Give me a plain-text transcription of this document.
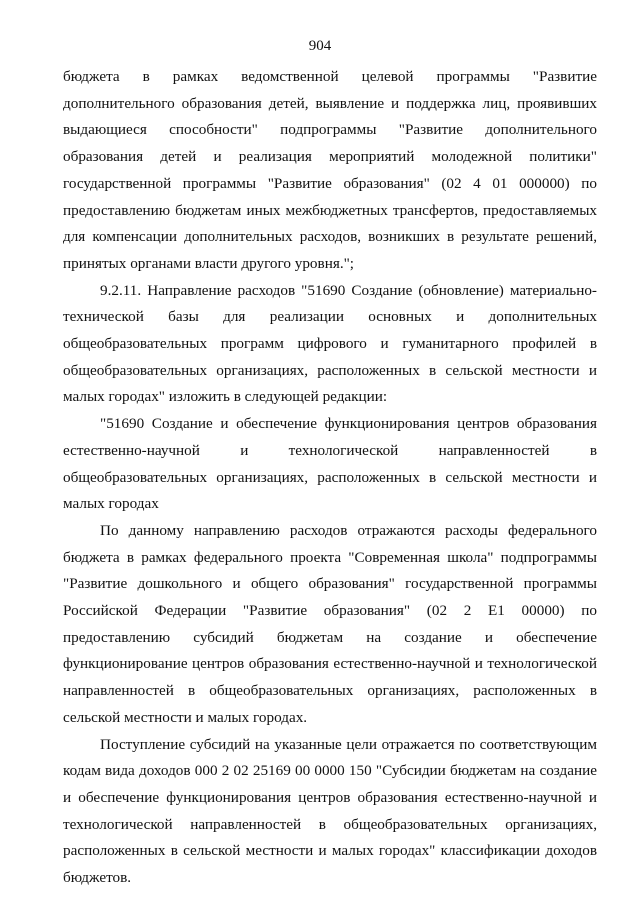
904

бюджета в рамках ведомственной целевой программы "Развитие дополнительного образования детей, выявление и поддержка лиц, проявивших выдающиеся способности" подпрограммы "Развитие дополнительного образования детей и реализация мероприятий молодежной политики" государственной программы "Развитие образования" (02 4 01 000000) по предоставлению бюджетам иных межбюджетных трансфертов, предоставляемых для компенсации дополнительных расходов, возникших в результате решений, принятых органами власти другого уровня.";

9.2.11. Направление расходов "51690 Создание (обновление) материально-технической базы для реализации основных и дополнительных общеобразовательных программ цифрового и гуманитарного профилей в общеобразовательных организациях, расположенных в сельской местности и малых городах" изложить в следующей редакции:

"51690 Создание и обеспечение функционирования центров образования естественно-научной и технологической направленностей в общеобразовательных организациях, расположенных в сельской местности и малых городах

По данному направлению расходов отражаются расходы федерального бюджета в рамках федерального проекта "Современная школа" подпрограммы "Развитие дошкольного и общего образования" государственной программы Российской Федерации "Развитие образования" (02 2 E1 00000) по предоставлению субсидий бюджетам на создание и обеспечение функционирование центров образования естественно-научной и технологической направленностей в общеобразовательных организациях, расположенных в сельской местности и малых городах.

Поступление субсидий на указанные цели отражается по соответствующим кодам вида доходов 000 2 02 25169 00 0000 150 "Субсидии бюджетам на создание и обеспечение функционирования центров образования естественно-научной и технологической направленностей в общеобразовательных организациях, расположенных в сельской местности и малых городах" классификации доходов бюджетов.
